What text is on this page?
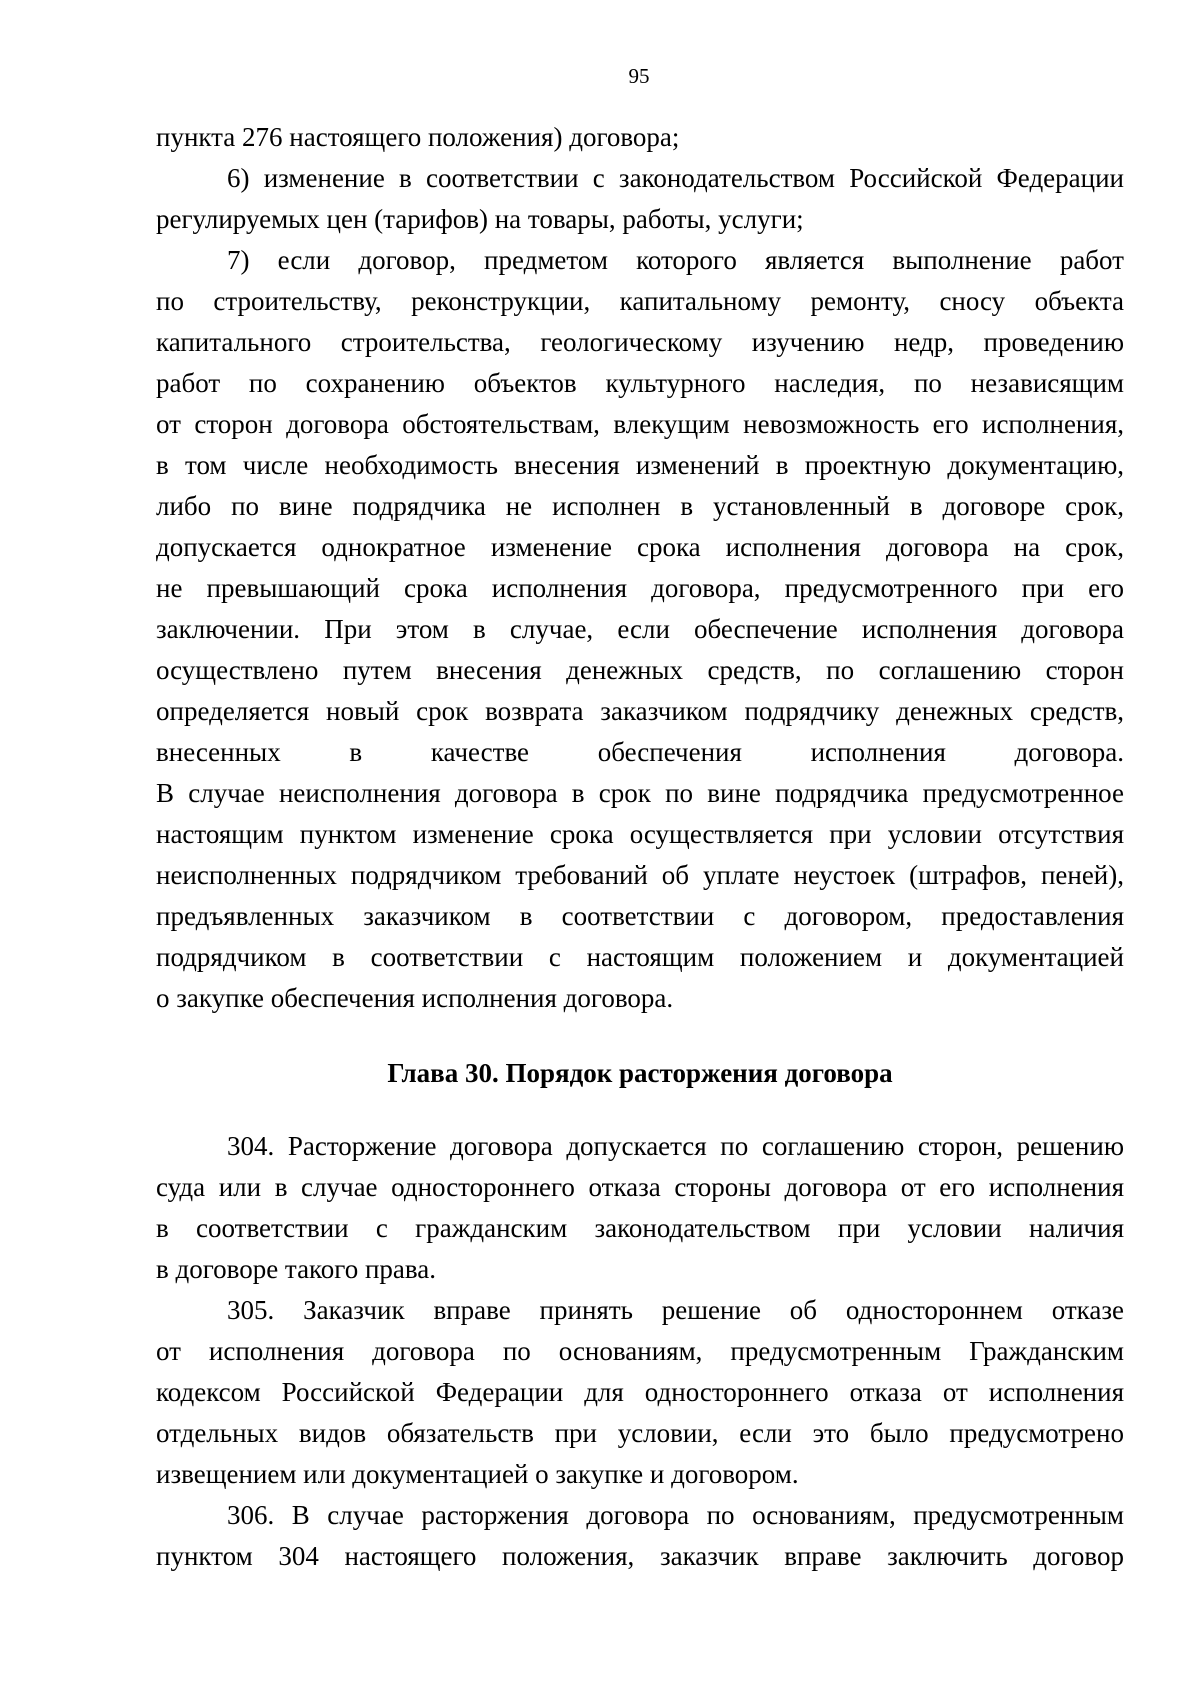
95
пункта 276 настоящего положения) договора;
6) изменение в соответствии с законодательством Российской Федерации
регулируемых цен (тарифов) на товары, работы, услуги;
7) если договор, предметом которого является выполнение работ
по строительству, реконструкции, капитальному ремонту, сносу объекта
капитального строительства, геологическому изучению недр, проведению
работ по сохранению объектов культурного наследия, по независящим
от сторон договора обстоятельствам, влекущим невозможность его исполнения,
в том числе необходимость внесения изменений в проектную документацию,
либо по вине подрядчика не исполнен в установленный в договоре срок,
допускается однократное изменение срока исполнения договора на срок,
не превышающий срока исполнения договора, предусмотренного при его
заключении. При этом в случае, если обеспечение исполнения договора
осуществлено путем внесения денежных средств, по соглашению сторон
определяется новый срок возврата заказчиком подрядчику денежных средств,
внесенных в качестве обеспечения исполнения договора.
В случае неисполнения договора в срок по вине подрядчика предусмотренное
настоящим пунктом изменение срока осуществляется при условии отсутствия
неисполненных подрядчиком требований об уплате неустоек (штрафов, пеней),
предъявленных заказчиком в соответствии с договором, предоставления
подрядчиком в соответствии с настоящим положением и документацией
о закупке обеспечения исполнения договора.
Глава 30. Порядок расторжения договора
304. Расторжение договора допускается по соглашению сторон, решению
суда или в случае одностороннего отказа стороны договора от его исполнения
в соответствии с гражданским законодательством при условии наличия
в договоре такого права.
305. Заказчик вправе принять решение об одностороннем отказе
от исполнения договора по основаниям, предусмотренным Гражданским
кодексом Российской Федерации для одностороннего отказа от исполнения
отдельных видов обязательств при условии, если это было предусмотрено
извещением или документацией о закупке и договором.
306. В случае расторжения договора по основаниям, предусмотренным
пунктом 304 настоящего положения, заказчик вправе заключить договор
